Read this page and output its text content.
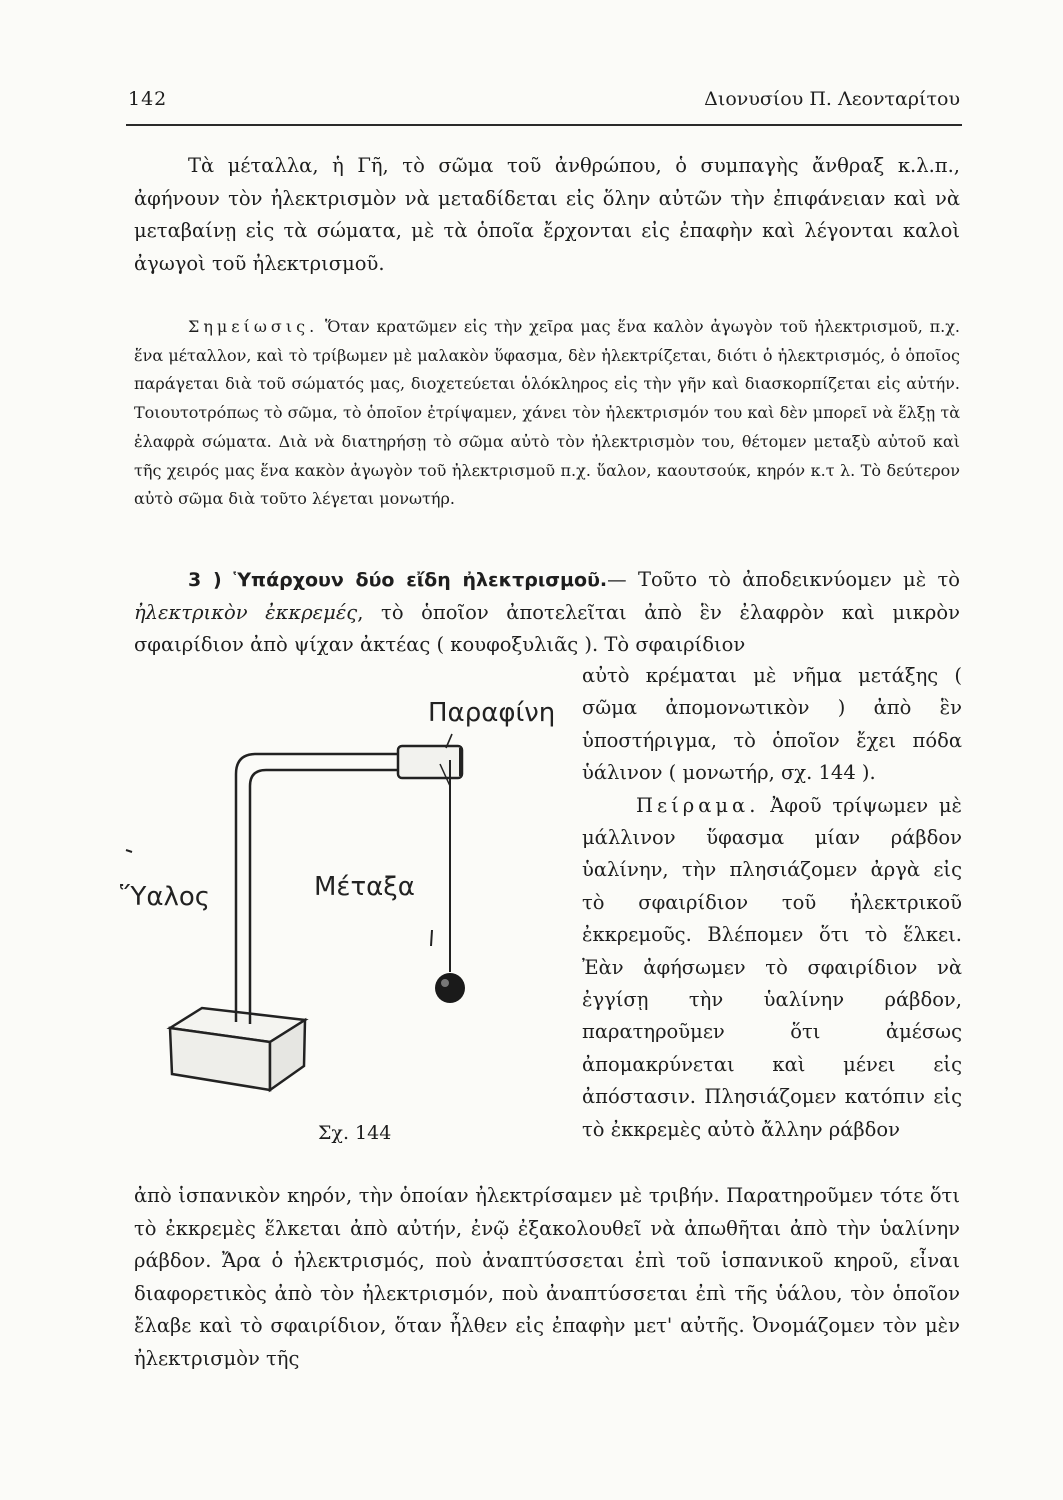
142	Διονυσίου Π. Λεονταρίτου

Τὰ μέταλλα, ἡ Γῆ, τὸ σῶμα τοῦ ἀνθρώπου, ὁ συμπαγὴς ἄνθραξ κ.λ.π., ἀφήνουν τὸν ἠλεκτρισμὸν νὰ μεταδίδεται εἰς ὅλην αὐτῶν τὴν ἐπιφάνειαν καὶ νὰ μεταβαίνῃ εἰς τὰ σώματα, μὲ τὰ ὁποῖα ἔρχονται εἰς ἐπαφὴν καὶ λέγονται καλοὶ ἀγωγοὶ τοῦ ἠλεκτρισμοῦ.

Σημείωσις. Ὅταν κρατῶμεν εἰς τὴν χεῖρα μας ἕνα καλὸν ἀγωγὸν τοῦ ἠλεκτρισμοῦ, π.χ. ἕνα μέταλλον, καὶ τὸ τρίβωμεν μὲ μαλακὸν ὕφασμα, δὲν ἠλεκτρίζεται, διότι ὁ ἠλεκτρισμός, ὁ ὁποῖος παράγεται διὰ τοῦ σώματός μας, διοχετεύεται ὁλόκληρος εἰς τὴν γῆν καὶ διασκορπίζεται εἰς αὐτήν. Τοιουτοτρόπως τὸ σῶμα, τὸ ὁποῖον ἐτρίψαμεν, χάνει τὸν ἠλεκτρισμόν του καὶ δὲν μπορεῖ νὰ ἕλξῃ τὰ ἐλαφρὰ σώματα. Διὰ νὰ διατηρήσῃ τὸ σῶμα αὐτὸ τὸν ἠλεκτρισμὸν του, θέτομεν μεταξὺ αὐτοῦ καὶ τῆς χειρός μας ἕνα κακὸν ἀγωγὸν τοῦ ἠλεκτρισμοῦ π.χ. ὕαλον, καουτσούκ, κηρόν κ.τ λ. Τὸ δεύτερον αὐτὸ σῶμα διὰ τοῦτο λέγεται μονωτήρ.

3 ) Ὑπάρχουν δύο εἴδη ἠλεκτρισμοῦ.— Τοῦτο τὸ ἀποδεικνύομεν μὲ τὸ ἠλεκτρικὸν ἐκκρεμές, τὸ ὁποῖον ἀποτελεῖται ἀπὸ ἓν ἐλαφρὸν καὶ μικρὸν σφαιρίδιον ἀπὸ ψίχαν ἀκτέας ( κουφοξυλιᾶς ). Τὸ σφαιρίδιον

αὐτὸ κρέμαται μὲ νῆμα μετάξης ( σῶμα ἀπομονωτικὸν ) ἀπὸ ἓν ὑποστήριγμα, τὸ ὁποῖον ἔχει πόδα ὑάλινον ( μονωτήρ, σχ. 144 ).

Πείραμα. Ἀφοῦ τρίψωμεν μὲ μάλλινον ὕφασμα μίαν ράβδον ὑαλίνην, τὴν πλησιάζομεν ἀργὰ εἰς τὸ σφαιρίδιον τοῦ ἠλεκτρικοῦ ἐκκρεμοῦς. Βλέπομεν ὅτι τὸ ἕλκει. Ἐὰν ἀφήσωμεν τὸ σφαιρίδιον νὰ ἐγγίσῃ τὴν ὑαλίνην ράβδον, παρατηροῦμεν ὅτι ἀμέσως ἀπομακρύνεται καὶ μένει εἰς ἀπόστασιν. Πλησιάζομεν κατόπιν εἰς τὸ ἐκκρεμὲς αὐτὸ ἄλλην ράβδον

Παραφίνη
Ὕαλος	Μέταξα
Σχ. 144

ἀπὸ ἱσπανικὸν κηρόν, τὴν ὁποίαν ἠλεκτρίσαμεν μὲ τριβήν. Παρατηροῦμεν τότε ὅτι τὸ ἐκκρεμὲς ἕλκεται ἀπὸ αὐτήν, ἐνῷ ἐξακολουθεῖ νὰ ἀπωθῆται ἀπὸ τὴν ὑαλίνην ράβδον. Ἄρα ὁ ἠλεκτρισμός, ποὺ ἀναπτύσσεται ἐπὶ τοῦ ἱσπανικοῦ κηροῦ, εἶναι διαφορετικὸς ἀπὸ τὸν ἠλεκτρισμόν, ποὺ ἀναπτύσσεται ἐπὶ τῆς ὑάλου, τὸν ὁποῖον ἔλαβε καὶ τὸ σφαιρίδιον, ὅταν ἦλθεν εἰς ἐπαφὴν μετ' αὐτῆς. Ὀνομάζομεν τὸν μὲν ἠλεκτρισμὸν τῆς
